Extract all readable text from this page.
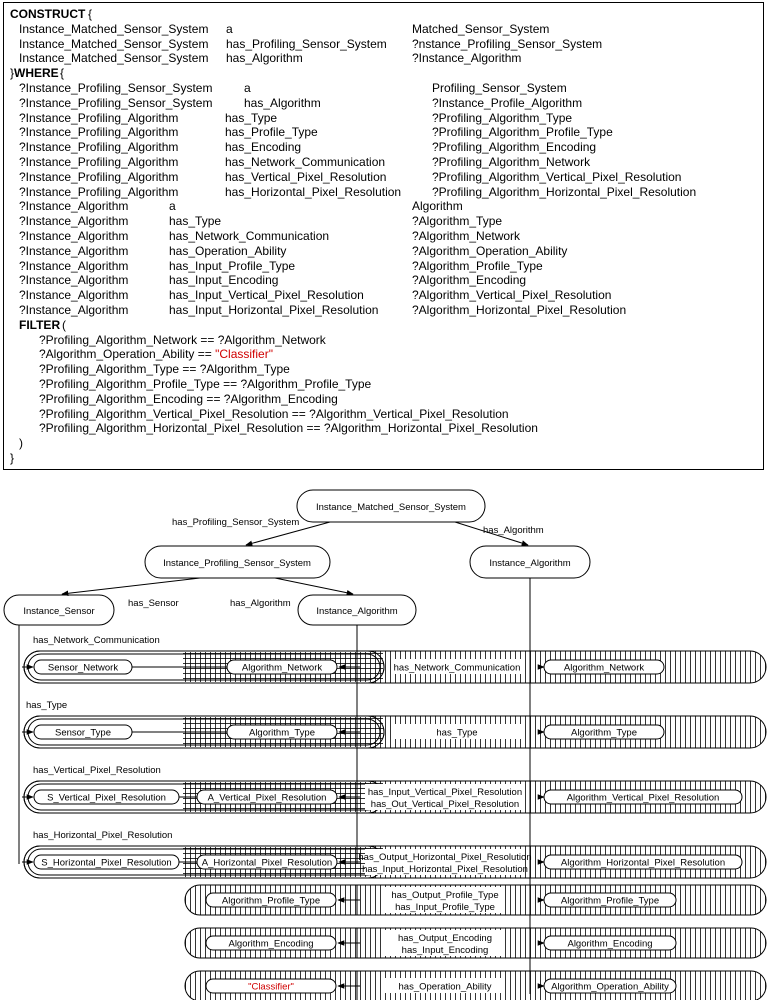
CONSTRUCT {
Instance_Matched_Sensor_System a	Matched_Sensor_System
Instance_Matched_Sensor_System has_Profiling_Sensor_System ?nstance_Profiling_Sensor_System
Instance_Matched_Sensor_System has_Algorithm	?Instance_Algorithm
} WHERE {
?Instance_Profiling_Sensor_System	a	Profiling_Sensor_System
?Instance_Profiling_Sensor_System	has_Algorithm	?Instance_Profile_Algorithm
?Instance_Profiling_Algorithm	has_Type	?Profiling_Algorithm_Type
?Instance_Profiling_Algorithm	has_Profile_Type	?Profiling_Algorithm_Profile_Type
?Instance_Profiling_Algorithm	has_Encoding	?Profiling_Algorithm_Encoding
?Instance_Profiling_Algorithm	has_Network_Communication	?Profiling_Algorithm_Network
?Instance_Profiling_Algorithm	has_Vertical_Pixel_Resolution	?Profiling_Algorithm_Vertical_Pixel_Resolution
?Instance_Profiling_Algorithm	has_Horizontal_Pixel_Resolution	?Profiling_Algorithm_Horizontal_Pixel_Resolution
?Instance_Algorithm	a	Algorithm
?Instance_Algorithm	has_Type	?Algorithm_Type
?Instance_Algorithm	has_Network_Communication	?Algorithm_Network
?Instance_Algorithm	has_Operation_Ability	?Algorithm_Operation_Ability
?Instance_Algorithm	has_Input_Profile_Type	?Algorithm_Profile_Type
?Instance_Algorithm	has_Input_Encoding	?Algorithm_Encoding
?Instance_Algorithm	has_Input_Vertical_Pixel_Resolution	?Algorithm_Vertical_Pixel_Resolution
?Instance_Algorithm	has_Input_Horizontal_Pixel_Resolution	?Algorithm_Horizontal_Pixel_Resolution
FILTER (
?Profiling_Algorithm_Network == ?Algorithm_Network
?Algorithm_Operation_Ability == "Classifier"
?Profiling_Algorithm_Type == ?Algorithm_Type
?Profiling_Algorithm_Profile_Type == ?Algorithm_Profile_Type
?Profiling_Algorithm_Encoding == ?Algorithm_Encoding
?Profiling_Algorithm_Vertical_Pixel_Resolution == ?Algorithm_Vertical_Pixel_Resolution
?Profiling_Algorithm_Horizontal_Pixel_Resolution == ?Algorithm_Horizontal_Pixel_Resolution
)
}
Instance_Matched_Sensor_System
Instance_Profiling_Sensor_System	Instance_Algorithm
Instance_Sensor	Instance_Algorithm
has_Profiling_Sensor_System
has_Algorithm
has_Sensor	has_Algorithm
has_Network_Communication
Sensor_Network	Algorithm_Network	has_Network_Communication	Algorithm_Network
has_Type
Sensor_Type	Algorithm_Type	has_Type	Algorithm_Type
has_Vertical_Pixel_Resolution
S_Vertical_Pixel_Resolution	A_Vertical_Pixel_Resolution	has_Input_Vertical_Pixel_Resolution
has_Out_Vertical_Pixel_Resolution
Algorithm_Vertical_Pixel_Resolution
has_Horizontal_Pixel_Resolution
S_Horizontal_Pixel_Resolution	A_Horizontal_Pixel_Resolution	has_Output_Horizontal_Pixel_Resolution
has_Input_Horizontal_Pixel_Resolution
Algorithm_Horizontal_Pixel_Resolution
Algorithm_Profile_Type	has_Output_Profile_Type
has_Input_Profile_Type
Algorithm_Profile_Type
Algorithm_Encoding	has_Output_Encoding
has_Input_Encoding
Algorithm_Encoding
"Classifier"	has_Operation_Ability	Algorithm_Operation_Ability
